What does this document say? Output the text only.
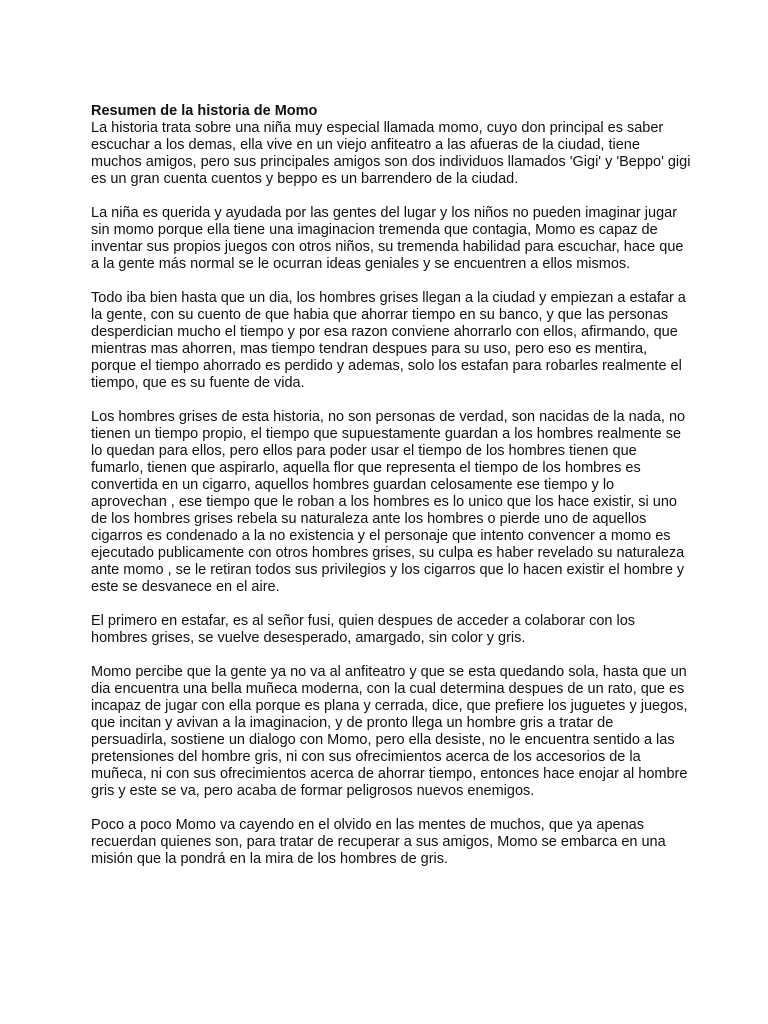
Resumen de la historia de Momo

La historia trata sobre una niña muy especial llamada momo, cuyo don principal es saber escuchar a los demas, ella vive en un viejo anfiteatro a las afueras de la ciudad, tiene muchos amigos, pero sus principales amigos son dos individuos llamados 'Gigi' y 'Beppo' gigi es un gran cuenta cuentos y beppo es un barrendero de la ciudad.

La niña es querida y ayudada por las gentes del lugar y los niños no pueden imaginar jugar sin momo porque ella tiene una imaginacion tremenda que contagia, Momo es capaz de inventar sus propios juegos con otros niños, su tremenda habilidad para escuchar, hace que a la gente más normal se le ocurran ideas geniales y se encuentren a ellos mismos.

Todo iba bien hasta que un dia, los hombres grises llegan a la ciudad y empiezan a estafar a la gente, con su cuento de que habia que ahorrar tiempo en su banco, y que las personas desperdician mucho el tiempo y por esa razon conviene ahorrarlo con ellos, afirmando, que mientras mas ahorren, mas tiempo tendran despues para su uso, pero eso es mentira, porque el tiempo ahorrado es perdido y ademas, solo los estafan para robarles realmente el tiempo, que es su fuente de vida.

Los hombres grises de esta historia, no son personas de verdad, son nacidas de la nada, no tienen un tiempo propio, el tiempo que supuestamente guardan a los hombres realmente se lo quedan para ellos, pero ellos para poder usar el tiempo de los hombres tienen que fumarlo, tienen que aspirarlo, aquella flor que representa el tiempo de los hombres es convertida en un cigarro, aquellos hombres guardan celosamente ese tiempo y lo aprovechan , ese tiempo que le roban a los hombres es lo unico que los hace existir, si uno de los hombres grises rebela su naturaleza ante los hombres o pierde uno de aquellos cigarros es condenado a la no existencia y el personaje que intento convencer a momo es ejecutado publicamente con otros hombres grises, su culpa es haber revelado su naturaleza ante momo , se le retiran todos sus privilegios y los cigarros que lo hacen existir el hombre y este se desvanece en el aire.

El primero en estafar, es al señor fusi, quien despues de acceder a colaborar con los hombres grises, se vuelve desesperado, amargado, sin color y gris.

Momo percibe que la gente ya no va al anfiteatro y que se esta quedando sola, hasta que un dia encuentra una bella muñeca moderna, con la cual determina despues de un rato, que es incapaz de jugar con ella porque es plana y cerrada, dice, que prefiere los juguetes y juegos, que incitan y avivan a la imaginacion, y de pronto llega un hombre gris a tratar de persuadirla, sostiene un dialogo con Momo, pero ella desiste, no le encuentra sentido a las pretensiones del hombre gris, ni con sus ofrecimientos acerca de los accesorios de la muñeca, ni con sus ofrecimientos acerca de ahorrar tiempo, entonces hace enojar al hombre gris y este se va, pero acaba de formar peligrosos nuevos enemigos.

Poco a poco Momo va cayendo en el olvido en las mentes de muchos, que ya apenas recuerdan quienes son, para tratar de recuperar a sus amigos, Momo se embarca en una misión que la pondrá en la mira de los hombres de gris.
